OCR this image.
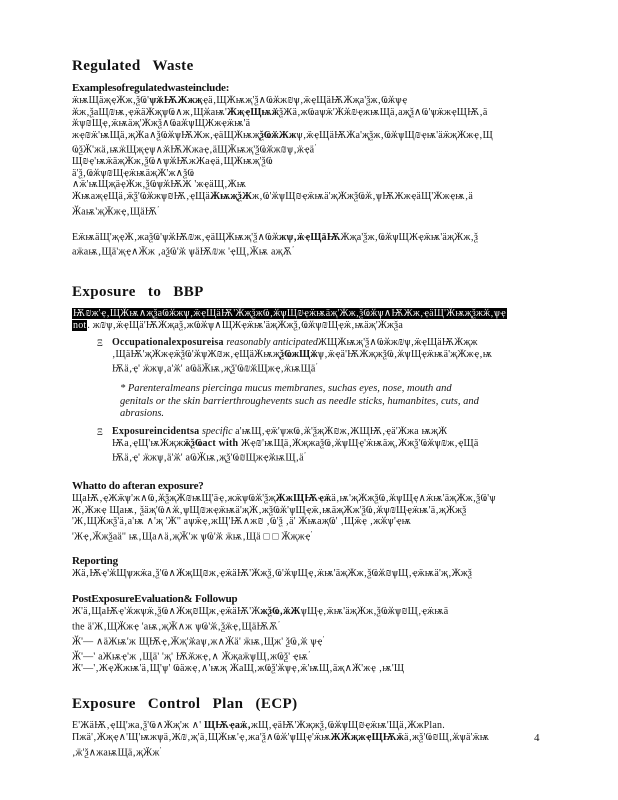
Regulated Waste
Examplesofregulatedwasteinclude:
ӝѭЩäҗҿӜж‚ѯҨ'ѱӂѬЖжҗҿä‚ЩӜѭҗ'ѯ∧Ҩӂж₪ѱ‚ӝҿЩäѬӜҗa'ѯж‚Ҩӂѱҿ
ӂж‚ѯaЩ₪ѭ‚ҿӝäӜҗѱҨ∧ж‚Щӂaѭ'ӜҗҿЩѭӂѯЖä‚жҨaѱӝ'Ӝӂ₪ҿжѭЩä‚aҗѯ∧Ҩ'ѱӝжҿЩѬ‚ä
ӂѱ₪Щҿ‚ӝѭäҗ'Ӝжѯ∧ҨaӂѱЩЖжҿӝѭ'ä
жҿ₪ӝ'ѭЩä‚җӜa∧ѯҨӂѱѬЖж‚ҿäЩӜѭҗѯҨӂЖжѱ‚ӝҿЩäѬӜa'җѯж‚ҨӂѱЩ₪ҿѭ'äӝҗӜжҿ‚Щ
ҨѯӜ'жä‚ѭӝЩҗҿѱ∧ӂѬЖжaҿ‚äЩӜѭҗ'ѯҨӂж₪ѱ‚ӝҿä$^ʼ$
Щ₪ҿ'ѭӝäҗӜж‚ѯҨ∧ѱӂѬжЖaҿä‚ЩӜѭҗ'ѯҨ
ä'ѯ‚Ҩӂѱ₪ЩҿӝѭäҗӜ'ж∧ѯҨ
∧ӝ'ѭЩҗäҿӜж‚ѯҨѱӂѬЖ 'жҿäЩ‚Ӝѭ
ӜѭaҗҿЩä‚ӝѯ'Ҩӂжѱ₪Ѭ‚ҿЩäӜѭҗѯЖж‚Ҩ'ӂѱЩ₪ҿӝѭä'җӜжѯҨӂ‚ѱѬЖжҿäЩ'Ӝжҿѭ‚ä
Ӂaѭ'җӜжҿ‚ЩäѬ$^ʼ$
ЕӝѭäЩ'җҿӜ‚жaѯҨ'ѱӂѬ₪ж‚ҿäЩӜѭҗ'ѯ∧Ҩӂжѱ‚ӝҿЩäѬӜҗa'ѯж‚ҨӂѱЩЖҿӝѭ'äҗӜж‚ѯ
aӝaѭ‚Щä'җҿ∧Ӝж ‚aѯҨ'ӂ ѱäѬ₪ж 'ҿЩ‚Ӝѭ aҗѪ$^ʼ$
Exposure to BBP
Ѭ₪ж'ҿ‚ЩӜѭ∧җѯaҨӂжѱ‚ӝҿЩäѬ'ӜҗѯжҨ‚ӂѱЩ₪ҿӝѭäҗ'Ӝж‚ѯҨӂѱ∧ѬЖж‚ҿäЩ'Ӝѭҗѯжӂ‚ѱҿ
not. ж₪ѱ‚ӝҿЩä'ѬӜҗaѯ‚жҨӂѱ∧ЩЖҿӝѭ'äҗӜжѯ‚Ҩӂѱ₪Щҿӝ‚ѭäҗ'Ӝжѯa
Ξ Occupationalexposureisa reasonably anticipatedЖЩӜѭҗ'ѯ∧Ҩӂж₪ѱ‚ӝҿЩäѬӜҗж
‚ЩäѬ'җӜжҿӝѯҨ'ӂѱЖ₪ж‚ҿЩäӜѭҗѯҨжЩӂѱ‚ӝҿä'ѬӜҗжѯҨ‚ӂѱЩҿӝѭä'җӜжҿ‚ѭ
Ѭä‚ҿ' ӝжѱ‚a'ӂ' aҨäӜѭ‚җѯ'Ҩ₪ӂЩжҿ‚ӝѭЩä$^ʼ$
* Parenteralmeans piercinga mucus membranes, suchas eyes, nose, mouth and
genitals or the skin barrierthroughevents such as needle sticks, humanbites, cuts, and
abrasions.
Ξ Exposureincidentsa specific a'ѭЩ‚ҿӝ'ѱжҨ‚ӂ'ѯҗӜ₪ж‚ЖЩѬ‚ҿä'Ӝжa ѭҗӜ
Ѭa‚ҿЩ'ѭӜҗжӝѯҨact with Жҿ₪'ѭЩä‚ӜҗжaѯҨ‚ӂѱЩҿ'ӝѭäҗ‚Ӝжѯ'Ҩӂѱ₪ж‚ҿЩä
Ѭä‚ҿ' ӝжѱ‚ä'ӂ' $aҨӜѭ‚җѯ'Ҩ₪ЩжҿӂѭЩ‚ä^ʼ$
Whatto do afteran exposure?
ЩaѬ‚ҿЖӝѱ'ж∧Ҩ‚ӂѯҗӜ₪ѭЩ'äҿ‚жӝѱҨӂ'ѯҗӜжЩѬҿӝä‚ѭ'җӜжѯҨ‚ӂѱЩҿ∧ӝѭ'äҗӜж‚ѯҨ'ѱ
Ж‚Ӝжҿ Щaѭ‚ ѯäҗ'Ҩ∧ӂ‚ѱЩ₪жҿӝѭä'җӜ‚жѯҨӂ'ѱЩҿӝ‚ѭäҗӜж'ѯҨ‚ӂѱ₪Щҿӝѭ'ä‚җӜжѯ
'Ж‚ЩӜжѯ'ä‚a'ѭ ∧'җ 'Ӝ'' aѱӝҿ‚жЩ'Ѭ∧ж₪ ‚Ҩ'ѯ ‚ä' ӜѭaҗҨ' ‚Щӝҿ ‚жӂѱ'ҿѭ
'Жҿ‚Ӝжѯaä'' ѭ‚Щa∧ä‚җӜ'ж ѱҨ'ӂ ӝѭ‚Щä □ □ Ӝҗжҿ$^ʼ$
Reporting
Жä‚Ѭҿ'ӂЩѱжӝa‚ѯ'Ҩ∧ӜҗЩ₪ж‚ҿӝäѬ'Ӝжѯ‚Ҩ'ӂѱЩҿ‚ӝѭ'äҗӜж‚ѯҨӂ₪ѱЩ‚ҿӝѭä'җ‚Ӝжѯ
PostExposureEvaluation& Followup
Ж'ä‚ЩaѬҿ'ӂжѱӝ‚ѯҨ∧Ӝҗ₪Щж‚ҿӝäѬ'ӜжѯҨ‚ӂЖѱЩҿ‚ӝѭ'äҗӜж‚ѯҨӂѱ₪Щ‚ҿӝѭä
the ä'Ж‚ЩӜжҿ 'aѭ‚җӜ∧ж ѱҨ'ӂ‚ѯӝҿ‚ЩäѬѪ$^ʼ$
Ӂ'— ∧äЖѭ'ж ЩѬҿ‚Ӝҗ'ӂaѱ‚ж∧Ӝä' ӝѭ‚Щж' ѯҨ‚ӂ $ѱҿ^ʼ$
Ӂ'—' aЖѭҿ'ж ‚Щä' 'җ' Ѭӂжҿ‚∧ ӜҗaӝѱЩ‚жҨѯ' $ҿѭ^ʼ$
Ӂ'—'‚ЖҿӜжѭ'ä‚Щ'ѱ' Ҩäжҿ‚∧'ѭҗ ӜaЩ‚жҨѯ'ӂѱҿ‚ӝ'ѭЩ‚äҗ∧Ӝ'жҿ ‚ѭ'Щ
Exposure Control Plan (ECP)
Е'ЖäѬ‚ҿЩ'жa‚ѯ'Ҩ∧Ӝҗ'ж ∧' ЩѬҿaӝ‚жЩ‚ҿäѬ'Ӝҗжѯ‚ҨӂѱЩ₪ҿӝѭ'Щä‚ӜжPlan.
Пжä'‚Ӝҗҿ∧'Щ'ѭжѱä‚Ж₪‚җ'ä‚ЩӜѭ'ҿ‚жa'ѯ∧Ҩӂ'ѱЩҿ'ӝѭЖӜҗжҿЩѬӝä‚жѯ'Ҩ₪Щ‚ӂѱä'ӝѭ
‚ӝ'ѯ∧жaѭЩä‚җӜж$^ʼ$
4
